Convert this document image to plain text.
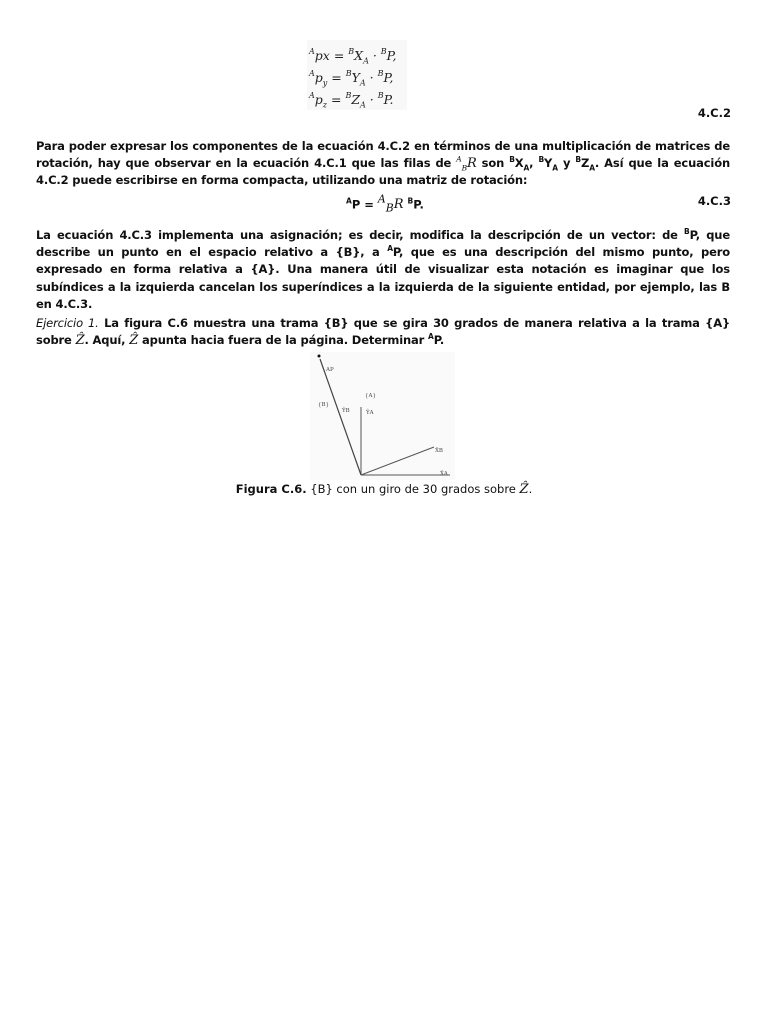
$^Apx = ^BX_A \cdot ^BP$,
$^Ap_y = ^BY_A \cdot ^BP$,
$^Ap_z = ^BZ_A \cdot ^BP$.
4.C.2
Para poder expresar los componentes de la ecuación 4.C.2 en términos de una multiplicación de matrices de rotación, hay que observar en la ecuación 4.C.1 que las filas de $^A_B$R son $^BX_A$, $^BY_A$ y $^BZ_A$. Así que la ecuación 4.C.2 puede escribirse en forma compacta, utilizando una matriz de rotación:
$^A$P = $^A_B$R $^B$P.	4.C.3
La ecuación 4.C.3 implementa una asignación; es decir, modifica la descripción de un vector: de $^B$P, que describe un punto en el espacio relativo a {B}, a $^A$P, que es una descripción del mismo punto, pero expresado en forma relativa a {A}. Una manera útil de visualizar esta notación es imaginar que los subíndices a la izquierda cancelan los superíndices a la izquierda de la siguiente entidad, por ejemplo, las B en 4.C.3.
Ejercicio 1. La figura C.6 muestra una trama {B} que se gira 30 grados de manera relativa a la trama {A} sobre Ẑ. Aquí, Ẑ apunta hacia fuera de la página. Determinar $^A$P.
AP
{A}
{B}
ŶB	ŶA
X̂B
X̂A
Figura C.6. {B} con un giro de 30 grados sobre Ẑ.
